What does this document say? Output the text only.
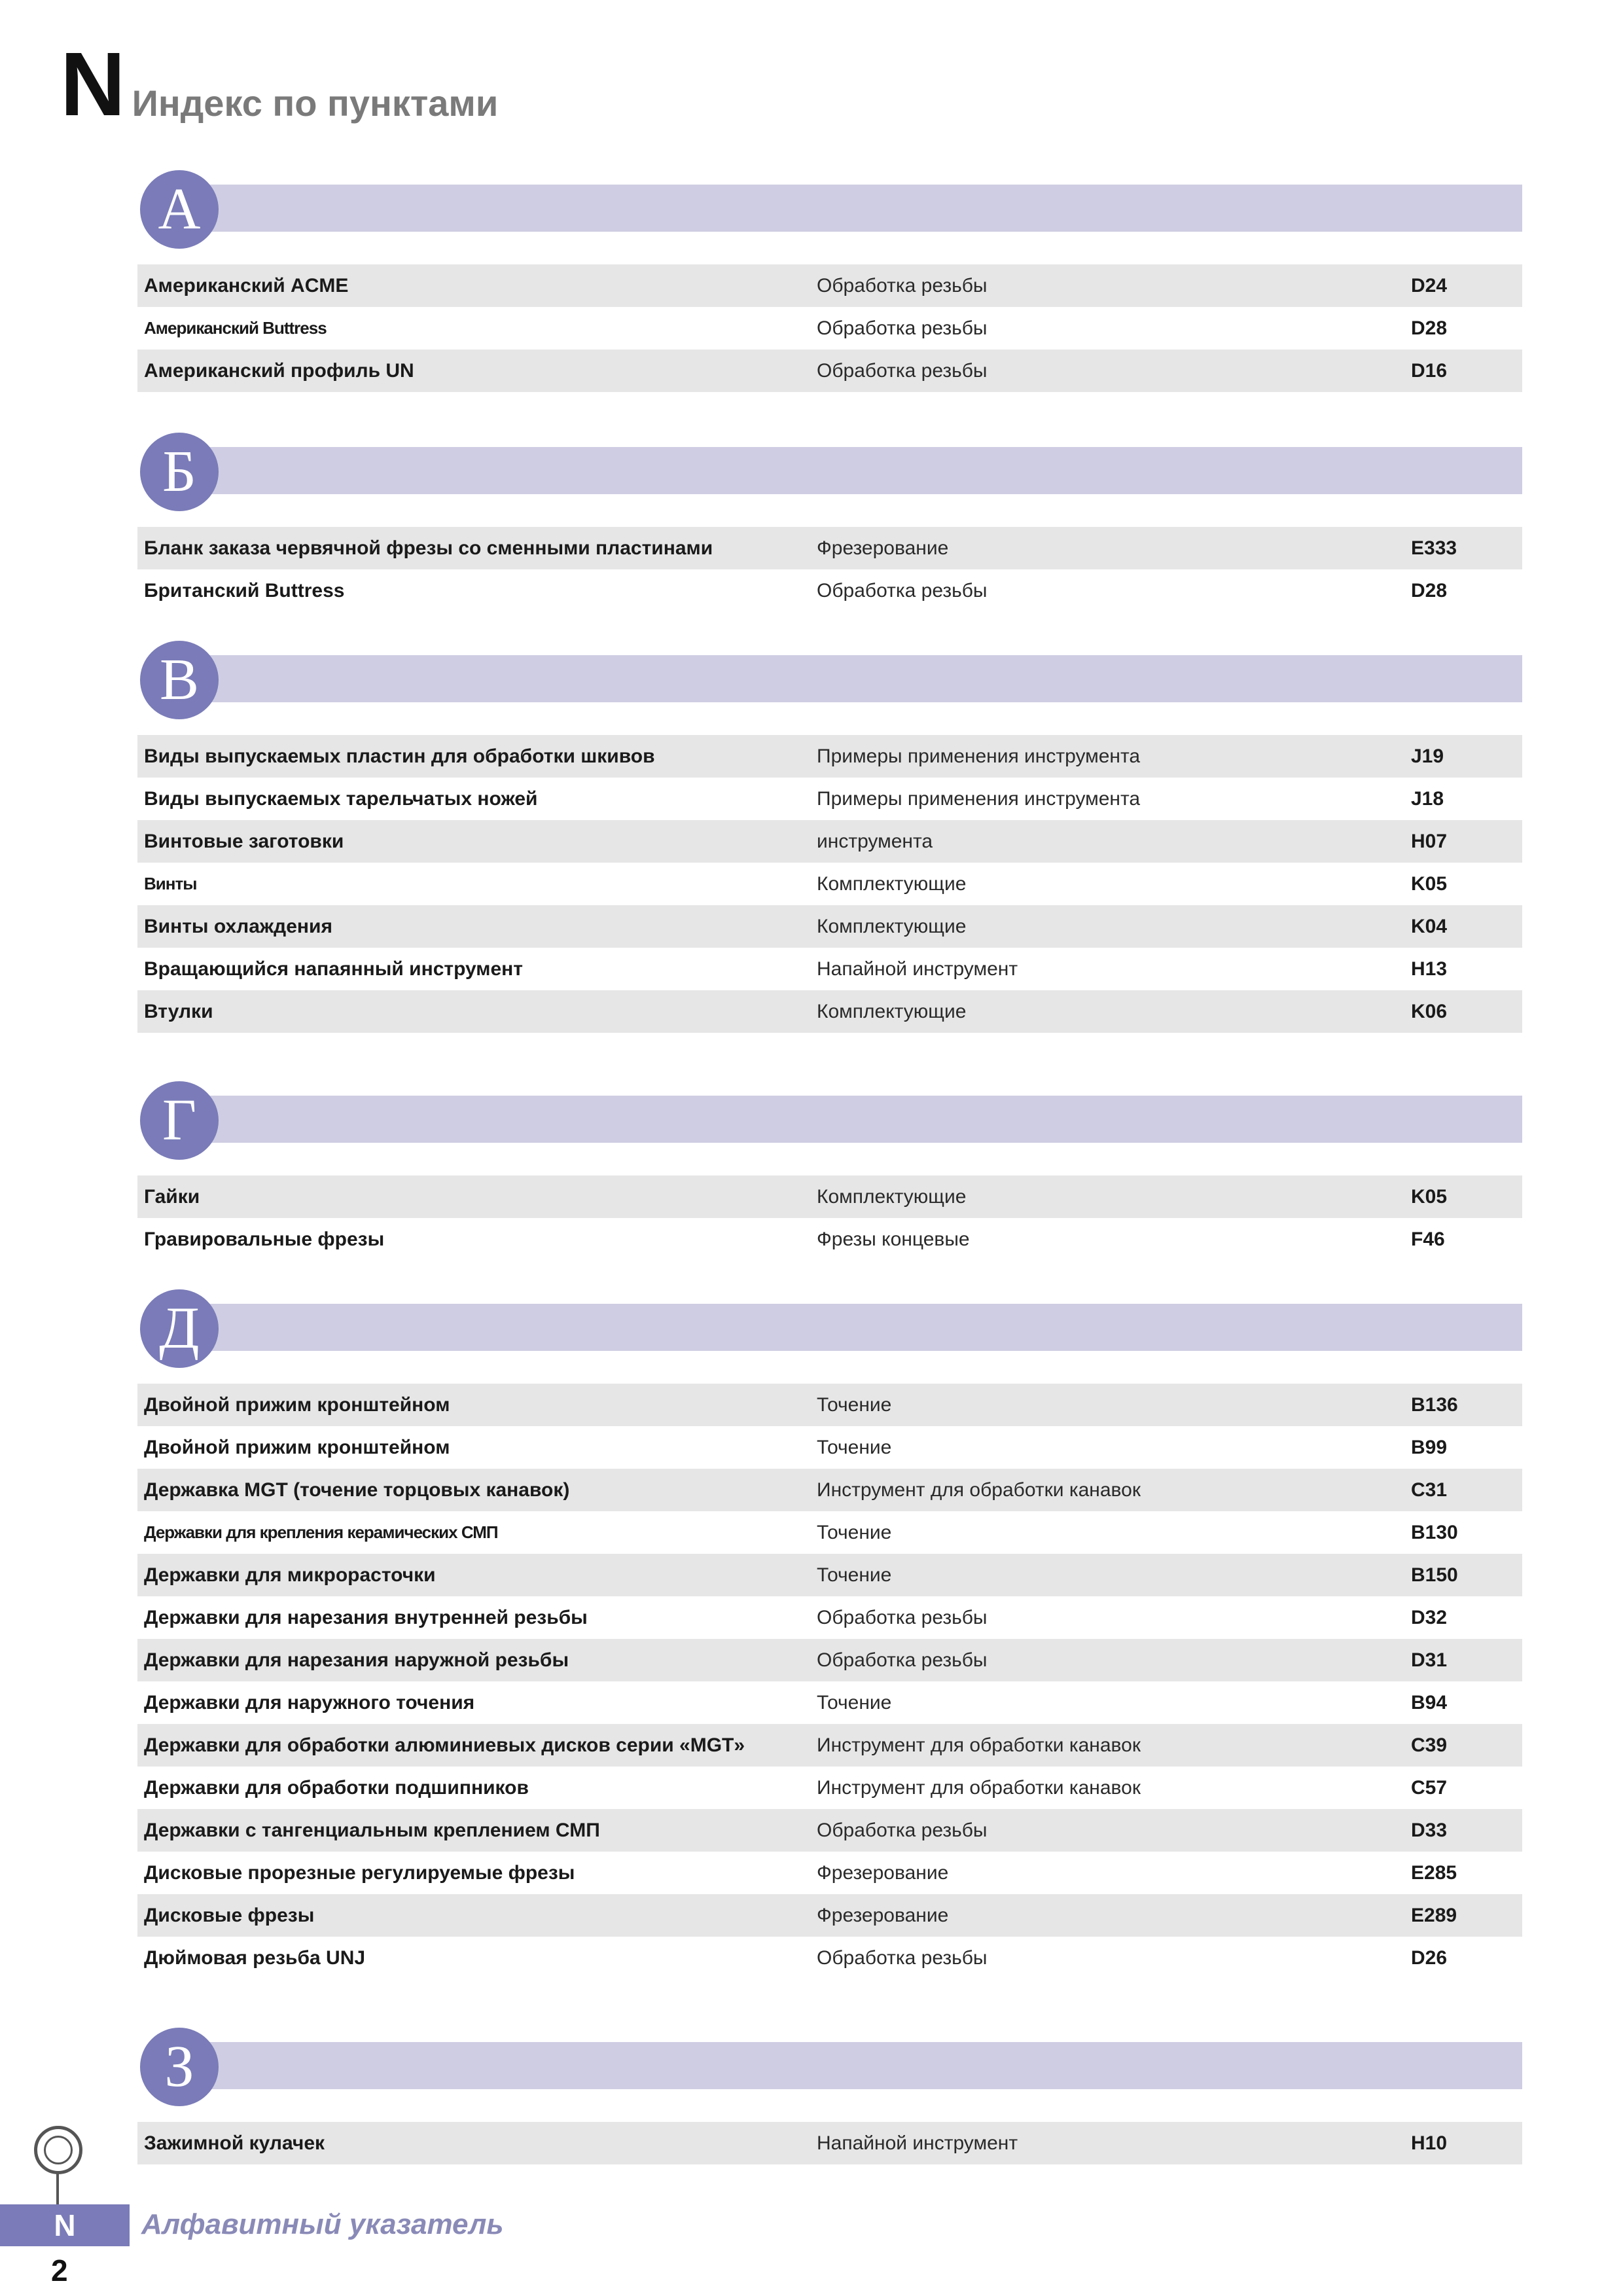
N Индекс по пунктами
A
Американский ACME	Обработка резьбы	D24
Американский Buttress	Обработка резьбы	D28
Американский профиль UN	Обработка резьбы	D16
Б
Бланк заказа червячной фрезы со сменными пластинами	Фрезерование	E333
Британский Buttress	Обработка резьбы	D28
В
Виды выпускаемых пластин для обработки шкивов	Примеры применения инструмента	J19
Виды выпускаемых тарельчатых ножей	Примеры применения инструмента	J18
Винтовые заготовки	инструмента	H07
Винты	Комплектующие	K05
Винты охлаждения	Комплектующие	K04
Вращающийся напаянный инструмент	Напайной инструмент	H13
Втулки	Комплектующие	K06
Г
Гайки	Комплектующие	K05
Гравировальные фрезы	Фрезы концевые	F46
Д
Двойной прижим кронштейном	Точение	B136
Двойной прижим кронштейном	Точение	B99
Державка MGT (точение торцовых канавок)	Инструмент для обработки канавок	C31
Державки для крепления керамических СМП	Точение	B130
Державки для микрорасточки	Точение	B150
Державки для нарезания внутренней резьбы	Обработка резьбы	D32
Державки для нарезания наружной резьбы	Обработка резьбы	D31
Державки для наружного точения	Точение	B94
Державки для обработки алюминиевых дисков серии «MGT»	Инструмент для обработки канавок	C39
Державки для обработки подшипников	Инструмент для обработки канавок	C57
Державки с тангенциальным креплением СМП	Обработка резьбы	D33
Дисковые прорезные регулируемые фрезы	Фрезерование	E285
Дисковые фрезы	Фрезерование	E289
Дюймовая резьба UNJ	Обработка резьбы	D26
З
Зажимной кулачек	Напайной инструмент	H10
N	Алфавитный указатель
2
